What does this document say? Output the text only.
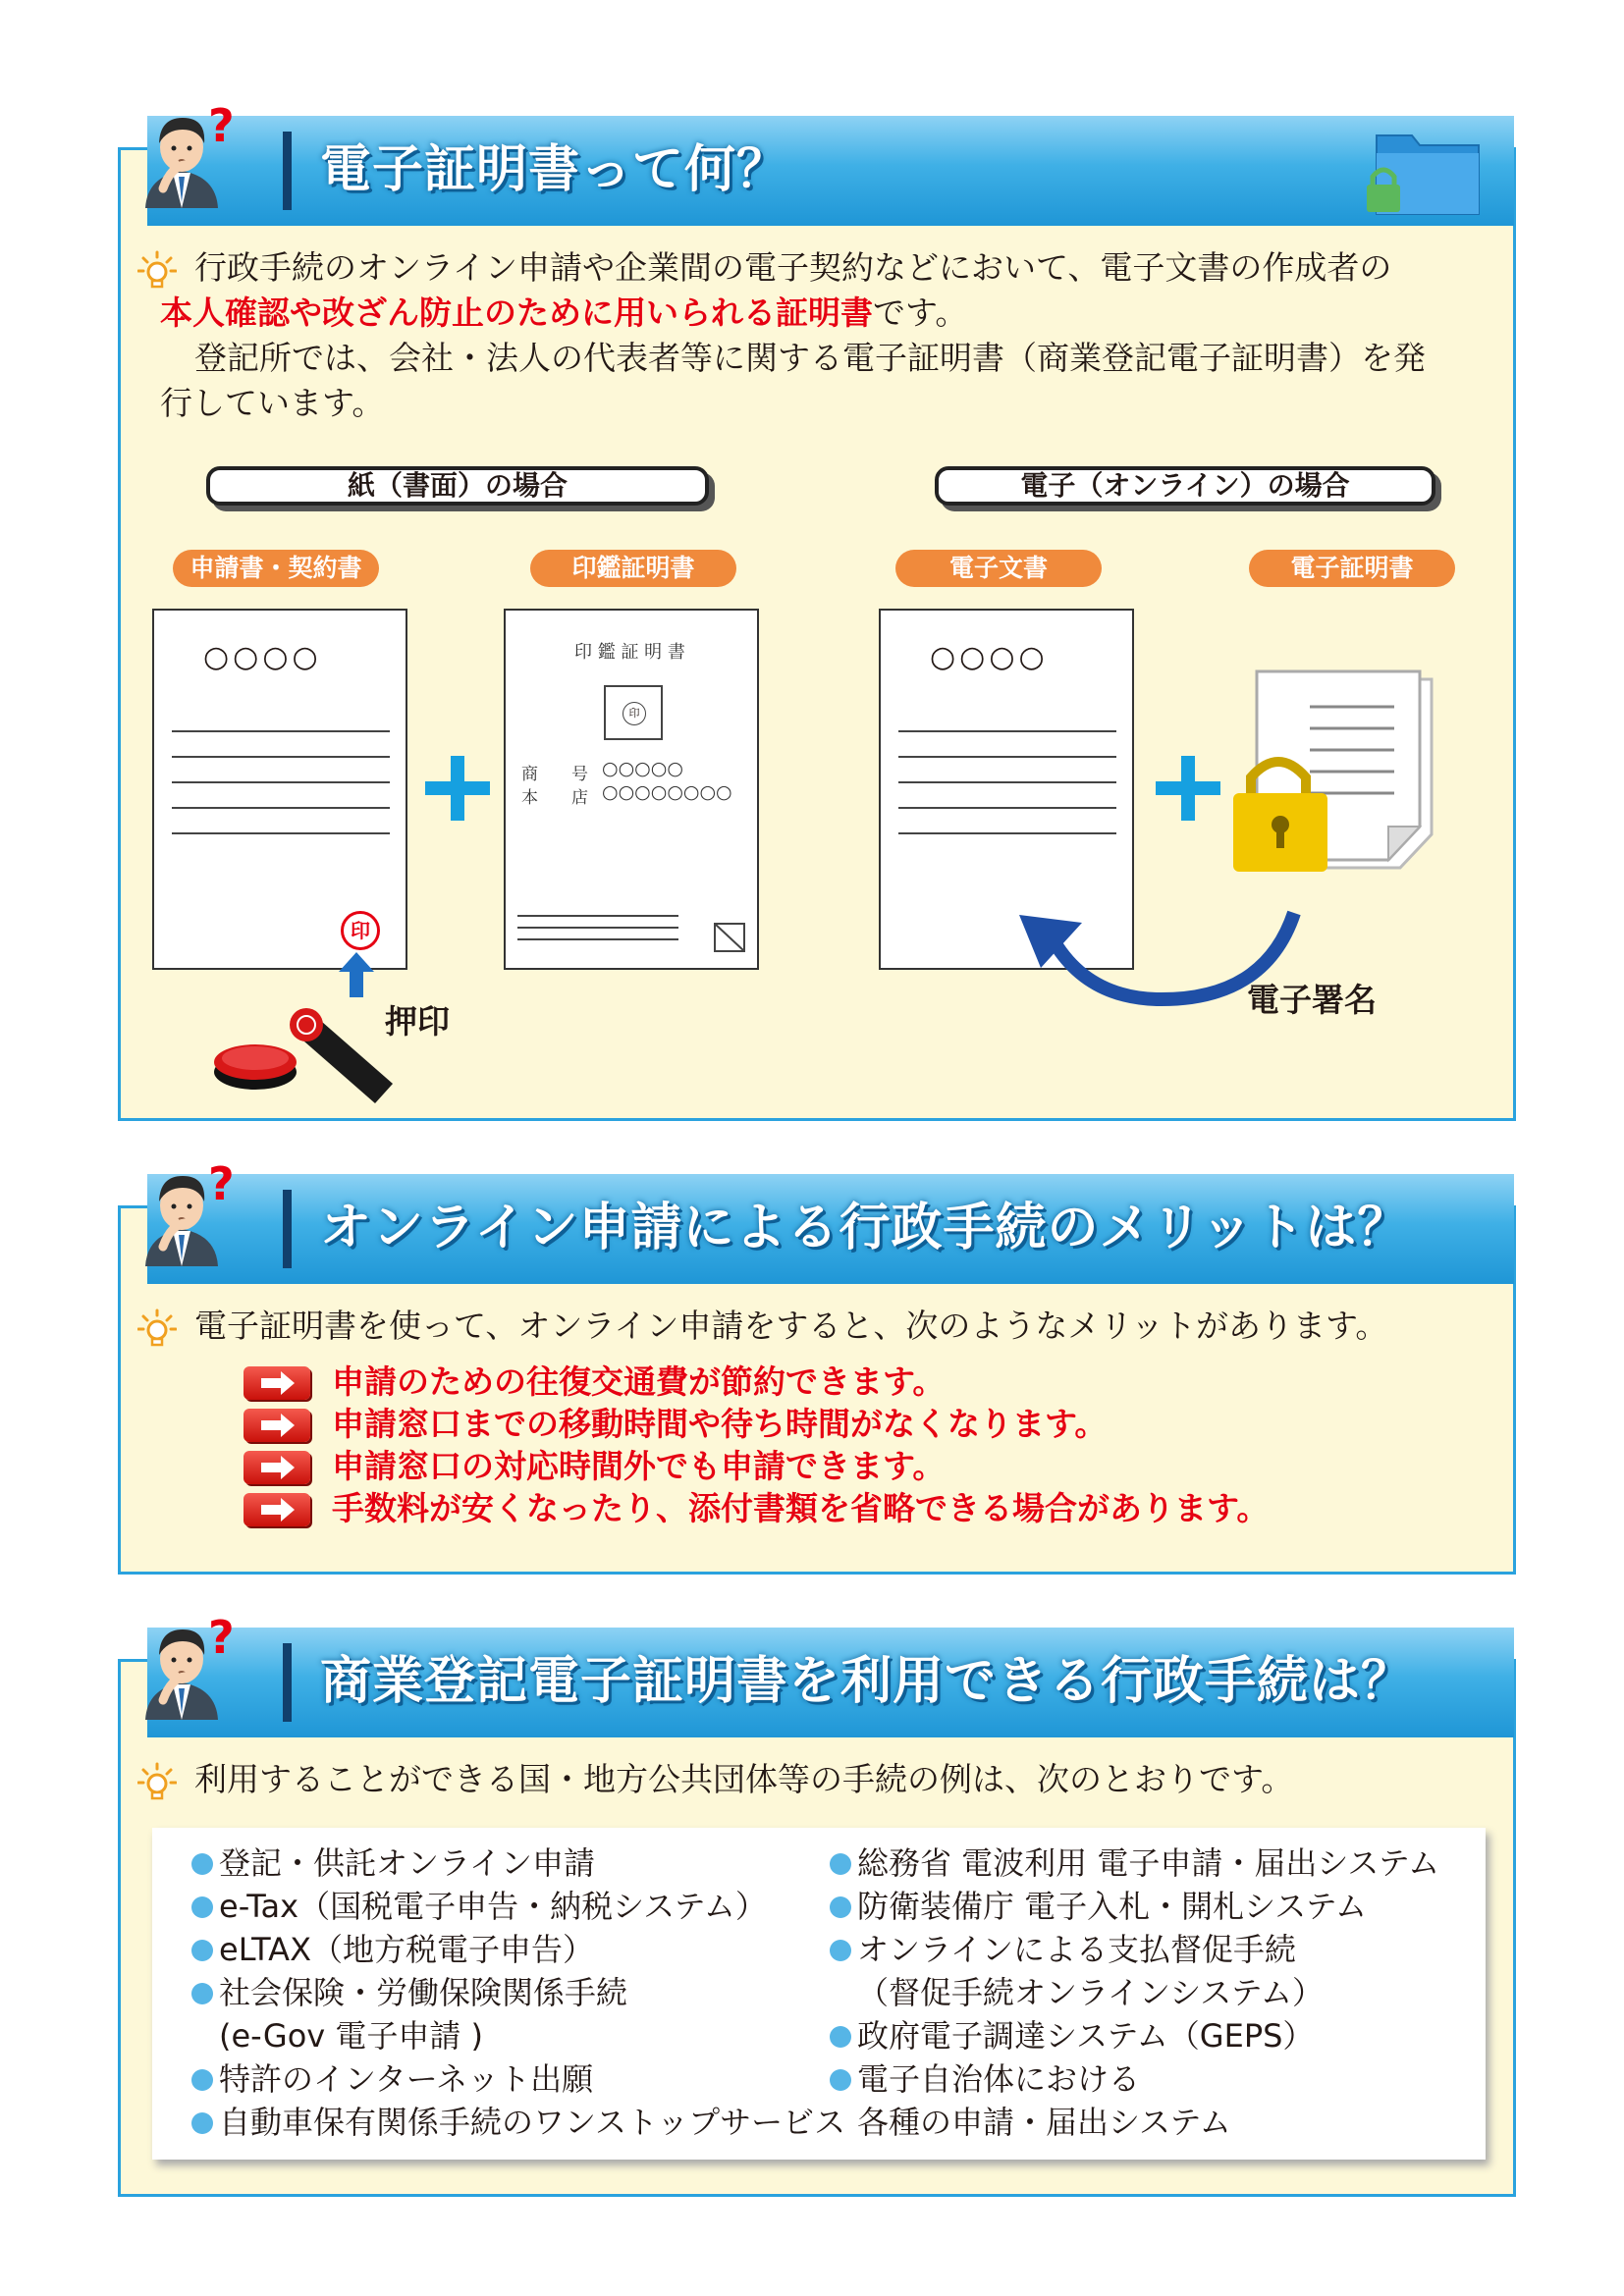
電子証明書って何？
行政手続のオンライン申請や企業間の電子契約などにおいて、電子文書の作成者の
本人確認や改ざん防止のために用いられる証明書です。
登記所では、会社・法人の代表者等に関する電子証明書（商業登記電子証明書）を発
行しています。
紙（書面）の場合	電子（オンライン）の場合
申請書・契約書	印鑑証明書	電子文書	電子証明書
○○○○
印
押印
印 鑑 証 明 書
印
商　　号 ○○○○○
本　　店 ○○○○○○○○
○○○○
電子署名
オンライン申請による行政手続のメリットは？
電子証明書を使って、オンライン申請をすると、次のようなメリットがあります。
申請のための往復交通費が節約できます。
申請窓口までの移動時間や待ち時間がなくなります。
申請窓口の対応時間外でも申請できます。
手数料が安くなったり、添付書類を省略できる場合があります。
商業登記電子証明書を利用できる行政手続は？
利用することができる国・地方公共団体等の手続の例は、次のとおりです。
登記・供託オンライン申請
e-Tax（国税電子申告・納税システム）
eLTAX（地方税電子申告）
社会保険・労働保険関係手続
(e-Gov 電子申請 )
特許のインターネット出願
自動車保有関係手続のワンストップサービス
総務省 電波利用 電子申請・届出システム
防衛装備庁 電子入札・開札システム
オンラインによる支払督促手続
（督促手続オンラインシステム）
政府電子調達システム（GEPS）
電子自治体における
各種の申請・届出システム
